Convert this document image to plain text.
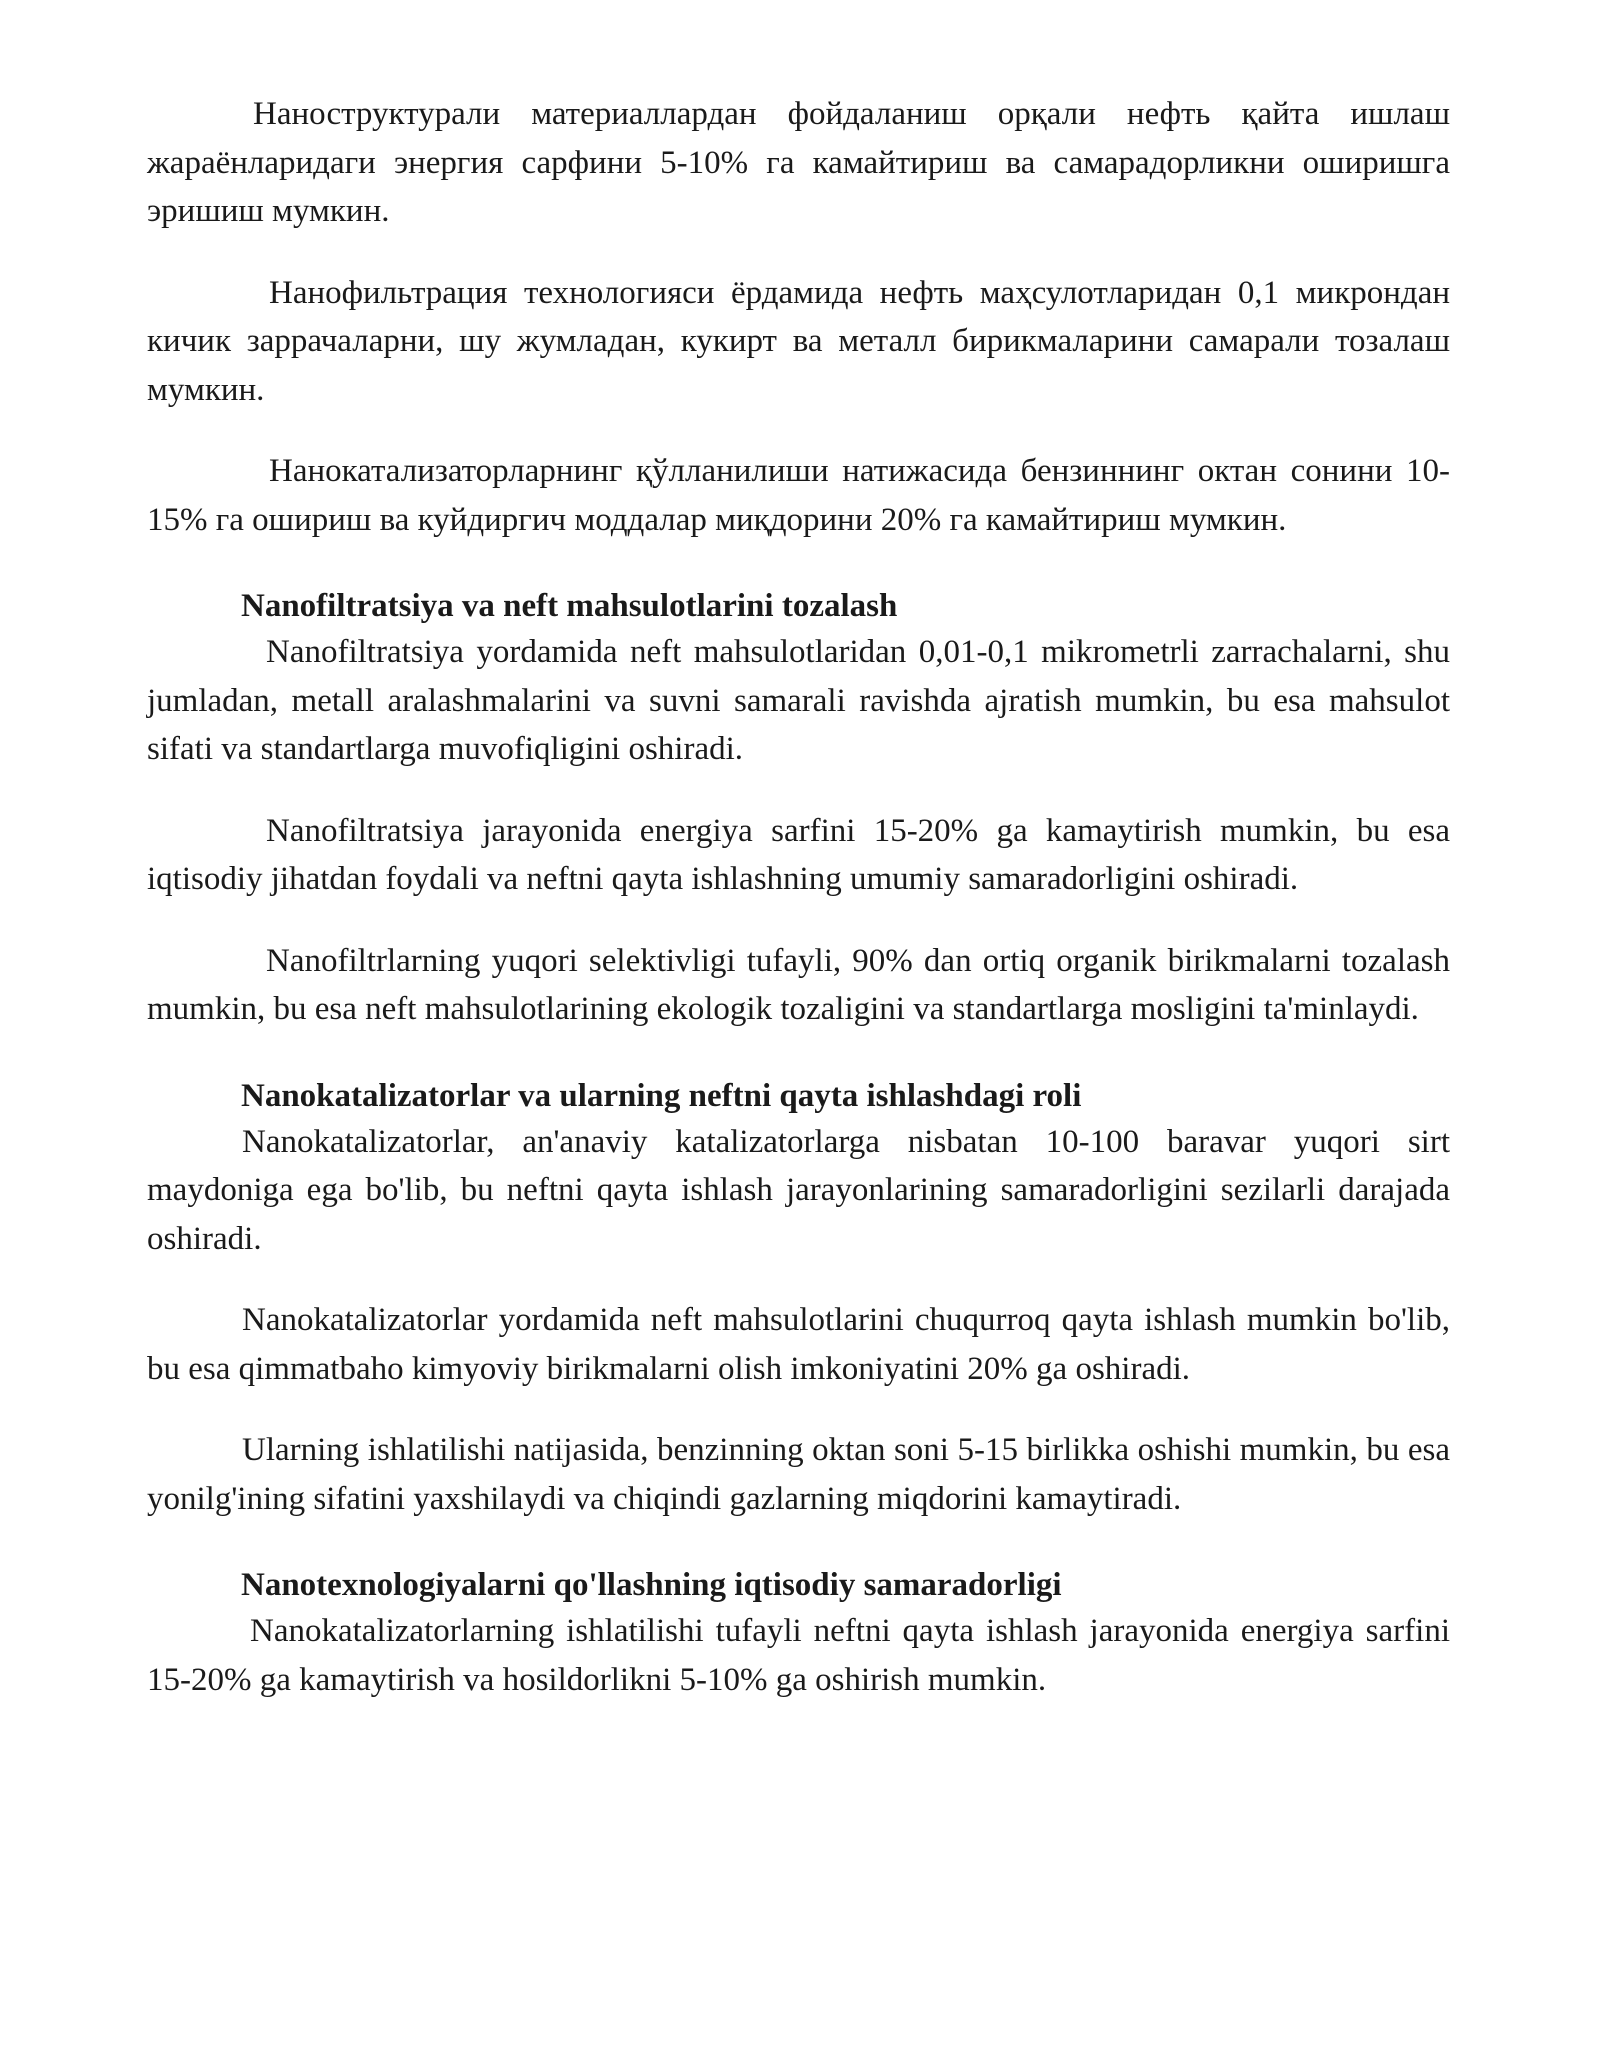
Наноструктурали материаллардан фойдаланиш орқали нефть қайта ишлаш жараёнларидаги энергия сарфини 5-10% га камайтириш ва самарадорликни оширишга эришиш мумкин.

Нанофильтрация технологияси ёрдамида нефть маҳсулотларидан 0,1 микрондан кичик заррачаларни, шу жумладан, кукирт ва металл бирикмаларини самарали тозалаш мумкин.

Нанокатализаторларнинг қўлланилиши натижасида бензиннинг октан сонини 10-15% га ошириш ва куйдиргич моддалар миқдорини 20% га камайтириш мумкин.

Nanofiltratsiya va neft mahsulotlarini tozalash

Nanofiltratsiya yordamida neft mahsulotlaridan 0,01-0,1 mikrometrli zarrachalarni, shu jumladan, metall aralashmalarini va suvni samarali ravishda ajratish mumkin, bu esa mahsulot sifati va standartlarga muvofiqligini oshiradi.

Nanofiltratsiya jarayonida energiya sarfini 15-20% ga kamaytirish mumkin, bu esa iqtisodiy jihatdan foydali va neftni qayta ishlashning umumiy samaradorligini oshiradi.

Nanofiltrlarning yuqori selektivligi tufayli, 90% dan ortiq organik birikmalarni tozalash mumkin, bu esa neft mahsulotlarining ekologik tozaligini va standartlarga mosligini ta'minlaydi.

Nanokatalizatorlar va ularning neftni qayta ishlashdagi roli

Nanokatalizatorlar, an'anaviy katalizatorlarga nisbatan 10-100 baravar yuqori sirt maydoniga ega bo'lib, bu neftni qayta ishlash jarayonlarining samaradorligini sezilarli darajada oshiradi.

Nanokatalizatorlar yordamida neft mahsulotlarini chuqurroq qayta ishlash mumkin bo'lib, bu esa qimmatbaho kimyoviy birikmalarni olish imkoniyatini 20% ga oshiradi.

Ularning ishlatilishi natijasida, benzinning oktan soni 5-15 birlikka oshishi mumkin, bu esa yonilg'ining sifatini yaxshilaydi va chiqindi gazlarning miqdorini kamaytiradi.

Nanotexnologiyalarni qo'llashning iqtisodiy samaradorligi

Nanokatalizatorlarning ishlatilishi tufayli neftni qayta ishlash jarayonida energiya sarfini 15-20% ga kamaytirish va hosildorlikni 5-10% ga oshirish mumkin.
